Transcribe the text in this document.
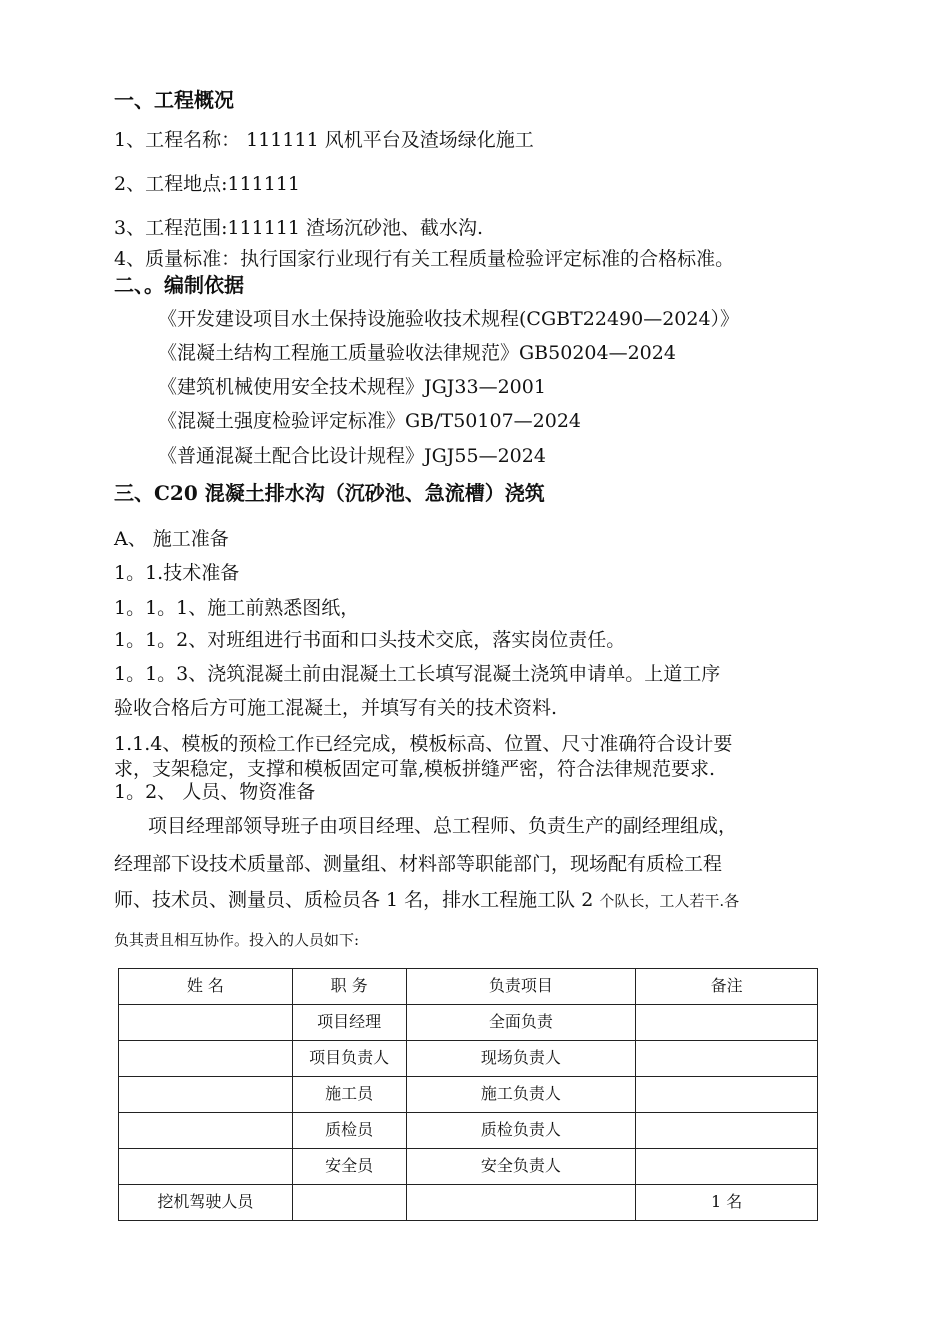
一、工程概况
1、工程名称： 111111 风机平台及渣场绿化施工
2、工程地点:111111
3、工程范围:111111 渣场沉砂池、截水沟.
4、质量标准：执行国家行业现行有关工程质量检验评定标准的合格标准。
二、。编制依据
《开发建设项目水土保持设施验收技术规程(CGBT22490—2024）》
《混凝土结构工程施工质量验收法律规范》GB50204—2024
《建筑机械使用安全技术规程》JGJ33—2001
《混凝土强度检验评定标准》GB/T50107—2024
《普通混凝土配合比设计规程》JGJ55—2024
三、C20 混凝土排水沟（沉砂池、急流槽）浇筑
A、 施工准备
1。1.技术准备
1。1。1、施工前熟悉图纸，
1。1。2、对班组进行书面和口头技术交底，落实岗位责任。
1。1。3、浇筑混凝土前由混凝土工长填写混凝土浇筑申请单。上道工序
验收合格后方可施工混凝土，并填写有关的技术资料.
1.1.4、模板的预检工作已经完成，模板标高、位置、尺寸准确符合设计要
求，支架稳定，支撑和模板固定可靠,模板拼缝严密，符合法律规范要求.
1。2、 人员、物资准备
项目经理部领导班子由项目经理、总工程师、负责生产的副经理组成，
经理部下设技术质量部、测量组、材料部等职能部门，现场配有质检工程
师、技术员、测量员、质检员各 1 名，排水工程施工队 2 个队长，工人若干.各
负其责且相互协作。投入的人员如下:
姓 名	职 务	负责项目	备注
	项目经理	全面负责	
	项目负责人	现场负责人	
	施工员	施工负责人	
	质检员	质检负责人	
	安全员	安全负责人	
挖机驾驶人员			1 名
